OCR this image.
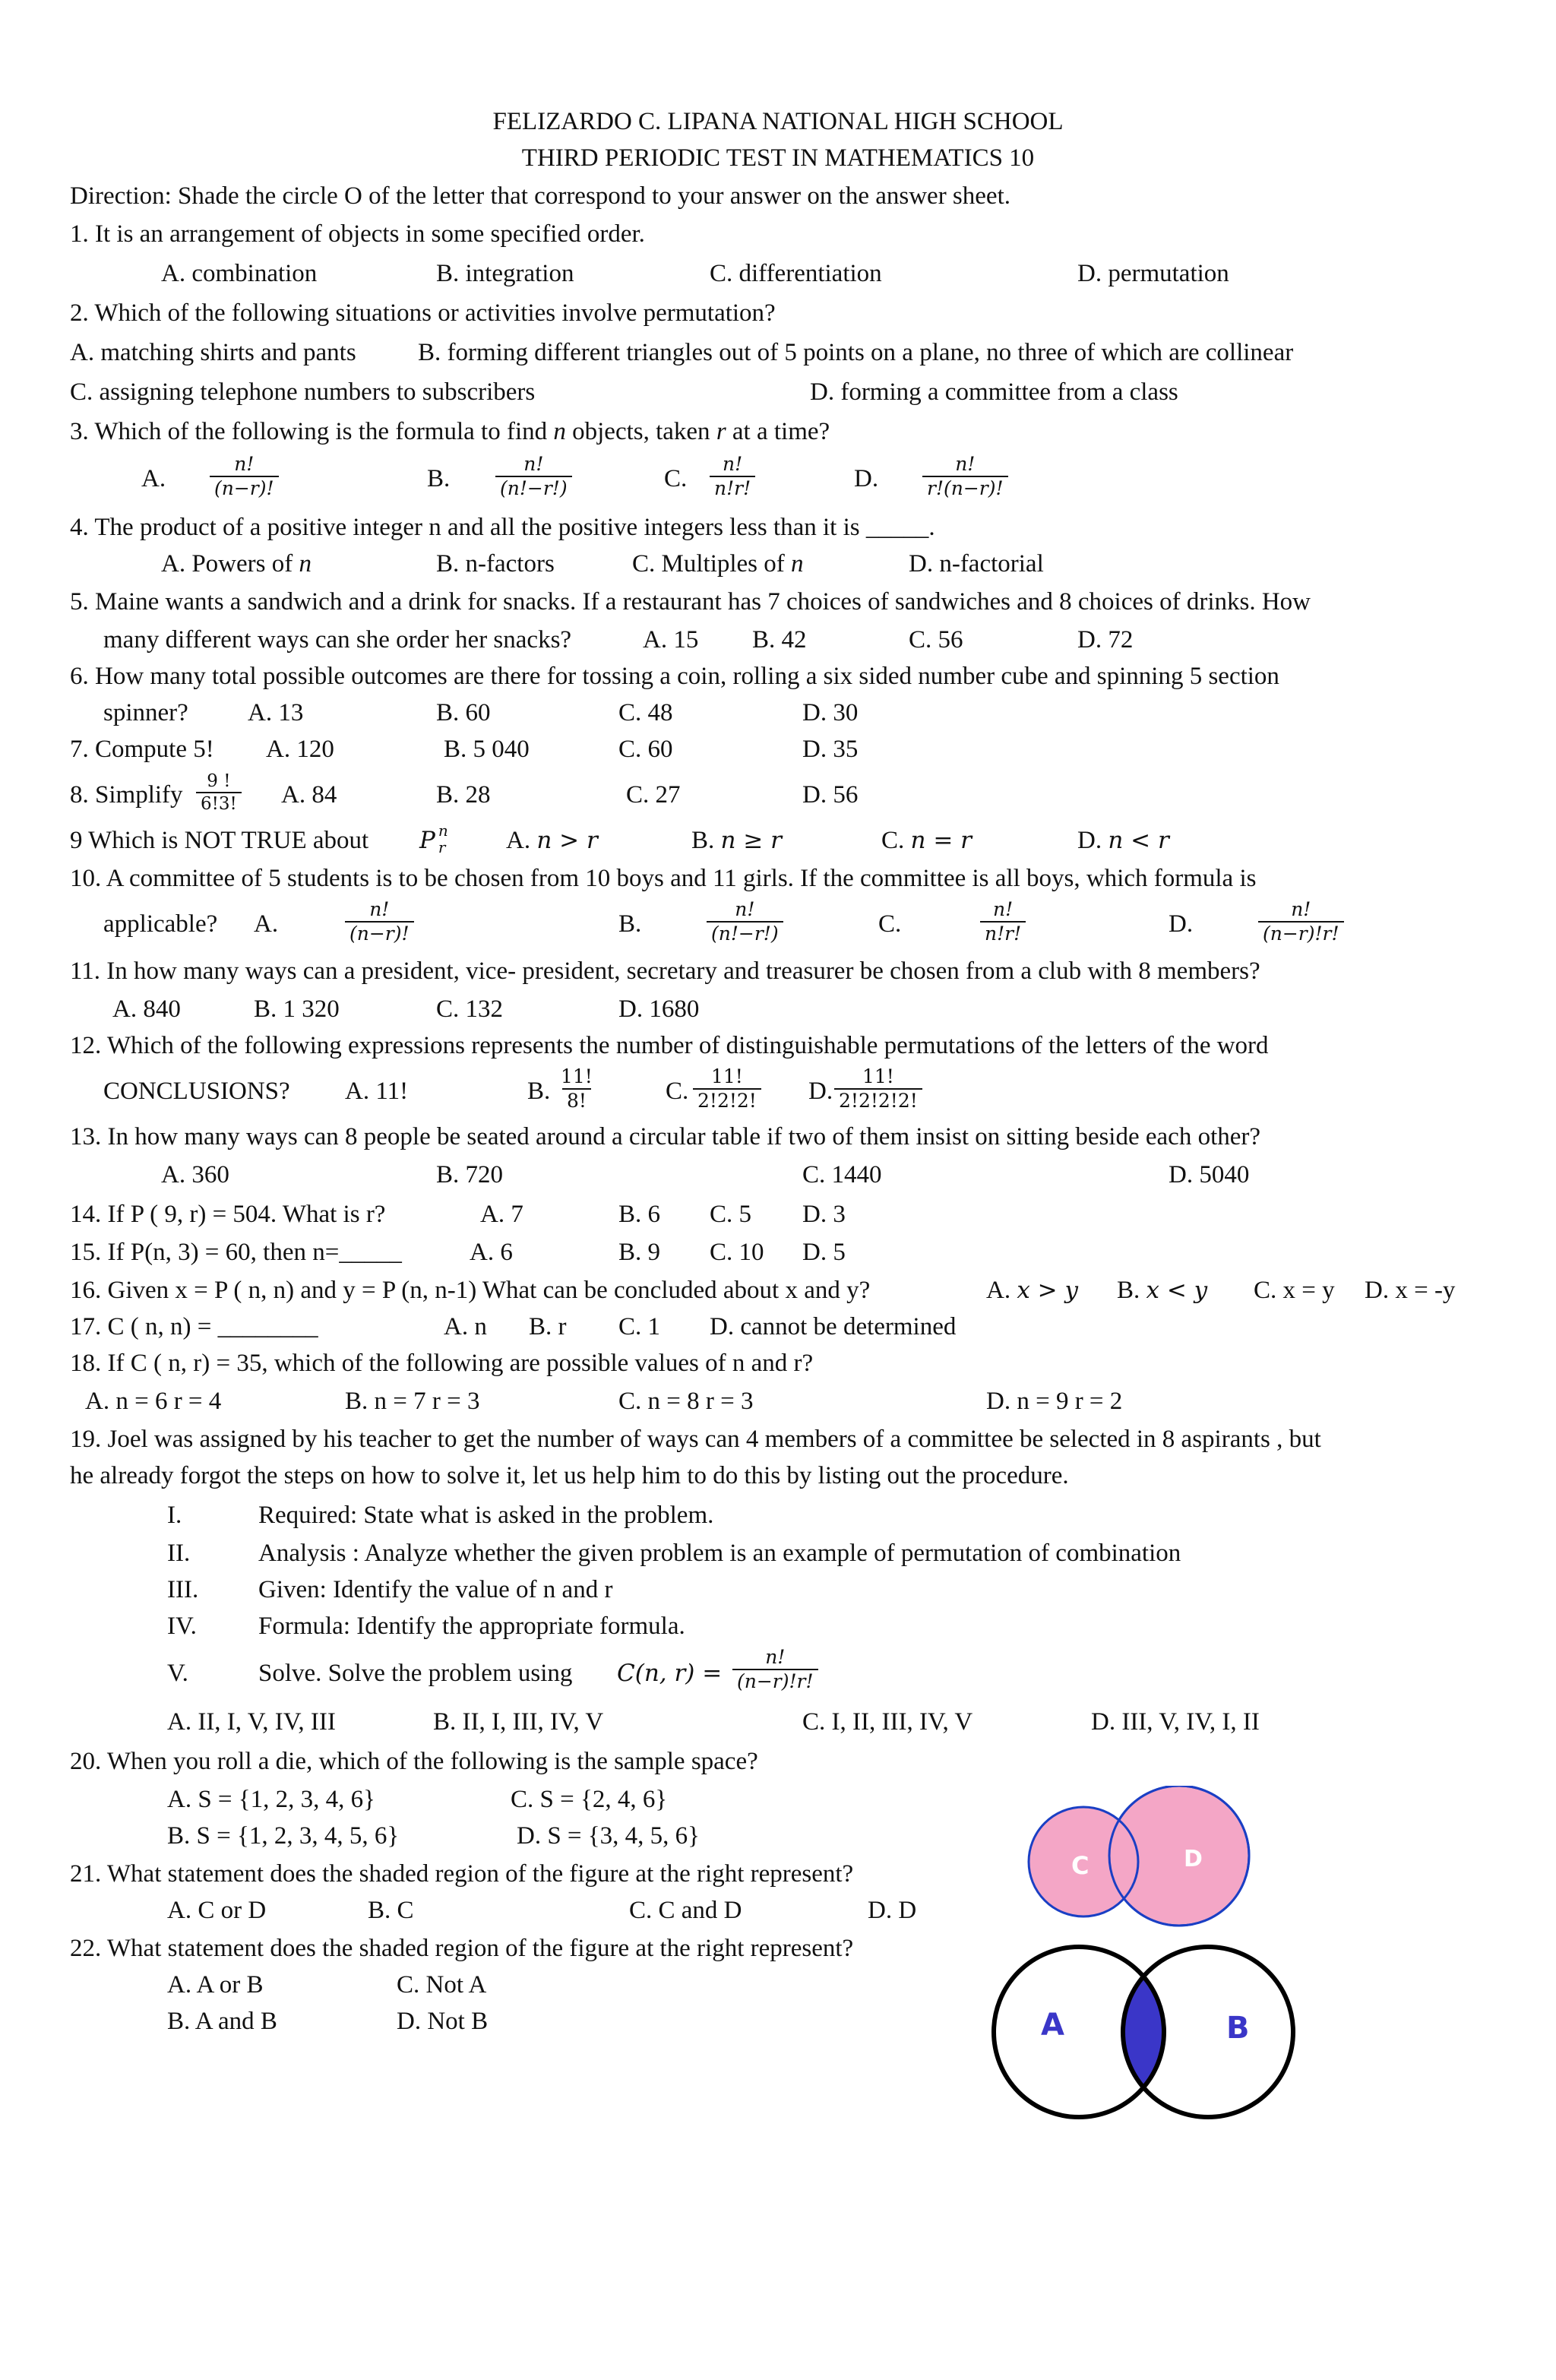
FELIZARDO C. LIPANA NATIONAL HIGH SCHOOL
THIRD PERIODIC TEST IN MATHEMATICS 10
Direction: Shade the circle O of the letter that correspond to your answer on the answer sheet.
1. It is an arrangement of objects in some specified order.
A. combination	B. integration	C. differentiation	D. permutation
2. Which of the following situations or activities involve permutation?
A. matching shirts and pants B. forming different triangles out of 5 points on a plane, no three of which are collinear
C. assigning telephone numbers to subscribers	D. forming a committee from a class
3. Which of the following is the formula to find n objects, taken r at a time?
A.
n!
(n−r)!	B.
n!
(n!−r!)	C.
n!
n!r!	D.
n!
r!(n−r)!
4. The product of a positive integer n and all the positive integers less than it is _____.
A. Powers of n	B. n-factors	C. Multiples of n	D. n-factorial
5. Maine wants a sandwich and a drink for snacks. If a restaurant has 7 choices of sandwiches and 8 choices of drinks. How
many different ways can she order her snacks?	A. 15 B. 42	C. 56	D. 72
6. How many total possible outcomes are there for tossing a coin, rolling a six sided number cube and spinning 5 section
spinner? A. 13	B. 60	C. 48	D. 30
7. Compute 5! A. 120	B. 5 040	C. 60	D. 35
8. Simplify	9 !
6!3! A. 84	B. 28	C. 27	D. 56
9 Which is NOT TRUE about P n
r A. n > r	B. n ≥ r	C. n = r	D. n < r
10. A committee of 5 students is to be chosen from 10 boys and 11 girls. If the committee is all boys, which formula is
applicable? A.
n!
(n−r)!	B.
n!
(n!−r!)	C.
n!
n!r!	D.
n!
(n−r)!r!
11. In how many ways can a president, vice- president, secretary and treasurer be chosen from a club with 8 members?
A. 840	B. 1 320	C. 132	D. 1680
12. Which of the following expressions represents the number of distinguishable permutations of the letters of the word
CONCLUSIONS? A. 11!	B.
11!
8!	C.
11!
2!2!2! D.
11!
2!2!2!2!
13. In how many ways can 8 people be seated around a circular table if two of them insist on sitting beside each other?
A. 360	B. 720	C. 1440	D. 5040
14. If P ( 9, r) = 504. What is r?	A. 7	B. 6 C. 5 D. 3
15. If P(n, 3) = 60, then n=_____	A. 6	B. 9 C. 10 D. 5
16. Given x = P ( n, n) and y = P (n, n-1) What can be concluded about x and y?	A. x > y B. x < y C. x = y D. x = -y
17. C ( n, n) = ________	A. n B. r C. 1 D. cannot be determined
18. If C ( n, r) = 35, which of the following are possible values of n and r?
A. n = 6 r = 4	B. n = 7 r = 3	C. n = 8 r = 3	D. n = 9 r = 2
19. Joel was assigned by his teacher to get the number of ways can 4 members of a committee be selected in 8 aspirants , but
he already forgot the steps on how to solve it, let us help him to do this by listing out the procedure.
I.	Required: State what is asked in the problem.
II.	Analysis : Analyze whether the given problem is an example of permutation of combination
III. Given: Identify the value of n and r
IV. Formula: Identify the appropriate formula.
V.	Solve. Solve the problem using C(n, r) =
n!
(n−r)!r!
A. II, I, V, IV, III	B. II, I, III, IV, V	C. I, II, III, IV, V	D. III, V, IV, I, II
20. When you roll a die, which of the following is the sample space?
A. S = {1, 2, 3, 4, 6}	C. S = {2, 4, 6}
B. S = {1, 2, 3, 4, 5, 6}	D. S = {3, 4, 5, 6}
21. What statement does the shaded region of the figure at the right represent?
A. C or D	B. C	C. C and D	D. D
22. What statement does the shaded region of the figure at the right represent?
A. A or B	C. Not A
B. A and B	D. Not B
C	D
A	B
